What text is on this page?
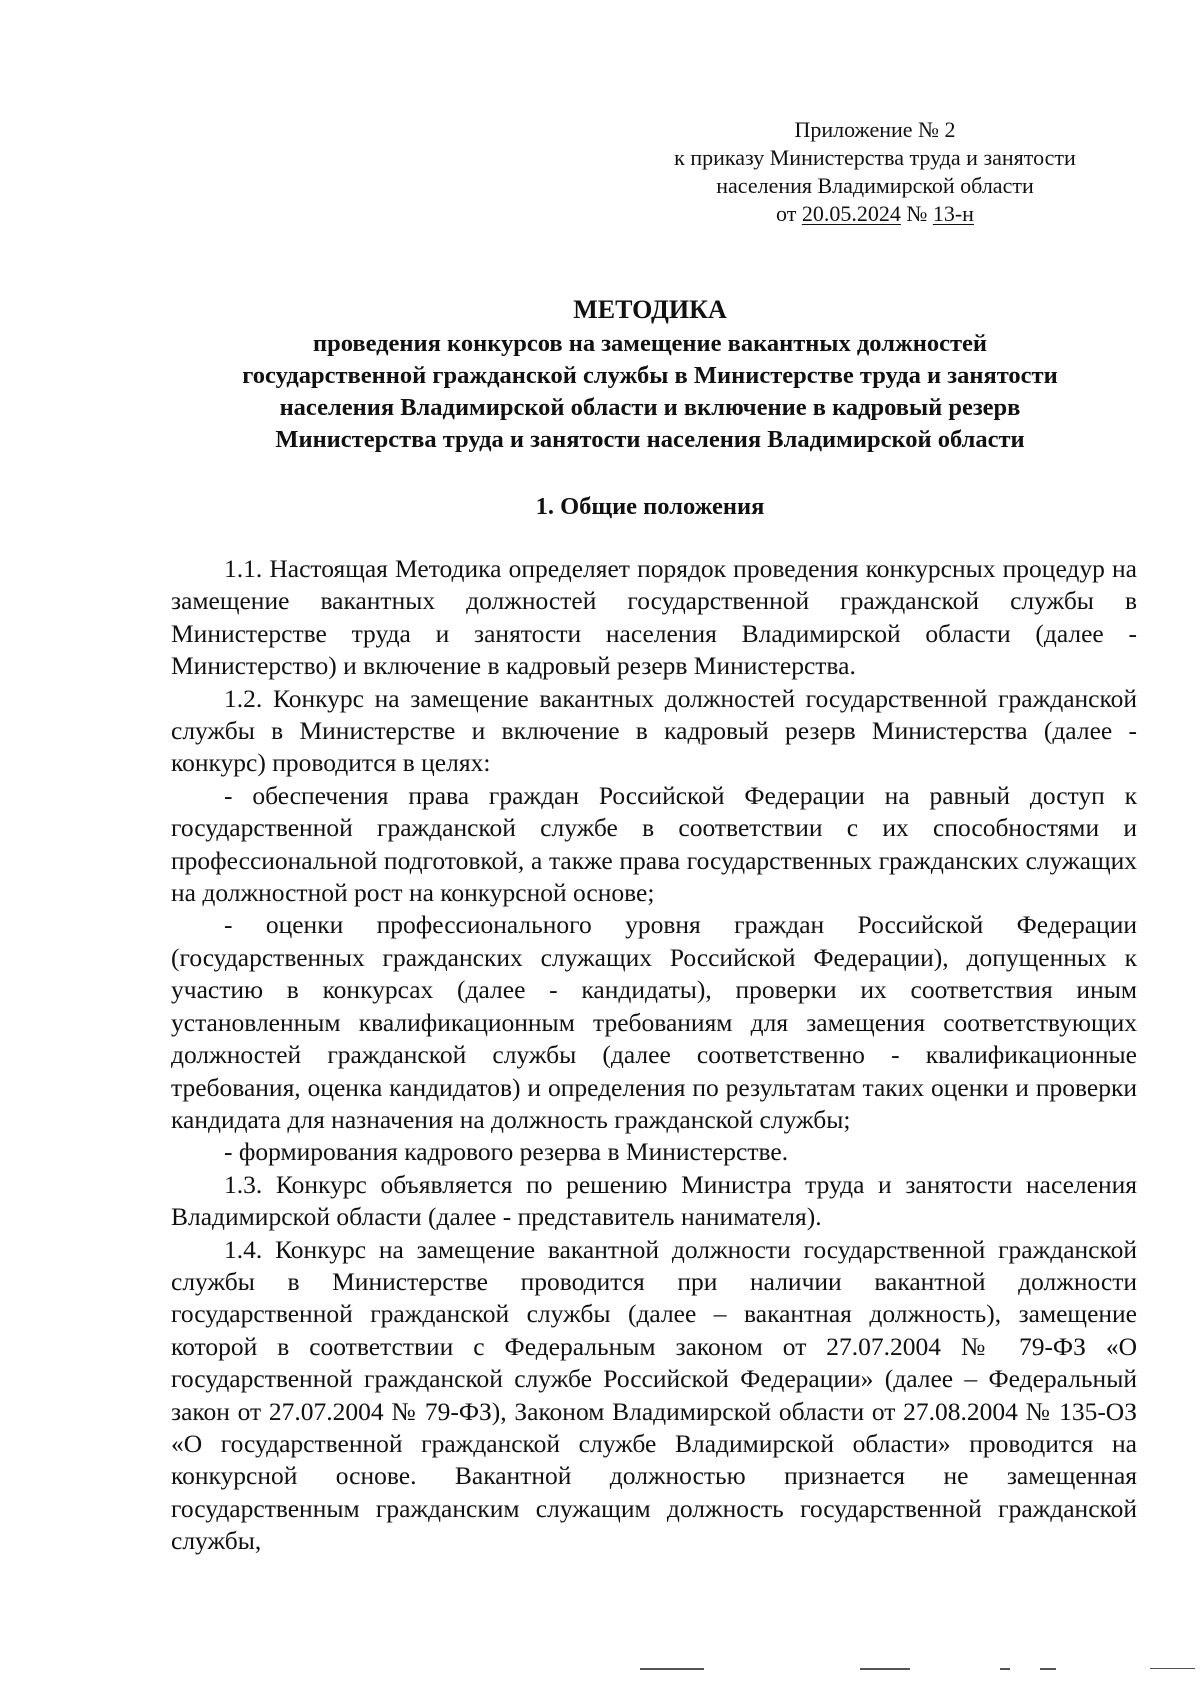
Приложение № 2
к приказу Министерства труда и занятости
населения Владимирской области
от 20.05.2024 № 13-н
МЕТОДИКА
проведения конкурсов на замещение вакантных должностей
государственной гражданской службы в Министерстве труда и занятости
населения Владимирской области и включение в кадровый резерв
Министерства труда и занятости населения Владимирской области
1. Общие положения

1.1. Настоящая Методика определяет порядок проведения конкурсных процедур на замещение вакантных должностей государственной гражданской службы в Министерстве труда и занятости населения Владимирской области (далее - Министерство) и включение в кадровый резерв Министерства.

1.2. Конкурс на замещение вакантных должностей государственной гражданской службы в Министерстве и включение в кадровый резерв Министерства (далее - конкурс) проводится в целях:

- обеспечения права граждан Российской Федерации на равный доступ к государственной гражданской службе в соответствии с их способностями и профессиональной подготовкой, а также права государственных гражданских служащих на должностной рост на конкурсной основе;

- оценки профессионального уровня граждан Российской Федерации (государственных гражданских служащих Российской Федерации), допущенных к участию в конкурсах (далее - кандидаты), проверки их соответствия иным установленным квалификационным требованиям для замещения соответствующих должностей гражданской службы (далее соответственно - квалификационные требования, оценка кандидатов) и определения по результатам таких оценки и проверки кандидата для назначения на должность гражданской службы;

- формирования кадрового резерва в Министерстве.

1.3. Конкурс объявляется по решению Министра труда и занятости населения Владимирской области (далее - представитель нанимателя).

1.4. Конкурс на замещение вакантной должности государственной гражданской службы в Министерстве проводится при наличии вакантной должности государственной гражданской службы (далее – вакантная должность), замещение которой в соответствии с Федеральным законом от 27.07.2004 № 79-ФЗ «О государственной гражданской службе Российской Федерации» (далее – Федеральный закон от 27.07.2004 № 79-ФЗ), Законом Владимирской области от 27.08.2004 № 135-ОЗ «О государственной гражданской службе Владимирской области» проводится на конкурсной основе. Вакантной должностью признается не замещенная государственным гражданским служащим должность государственной гражданской службы,
